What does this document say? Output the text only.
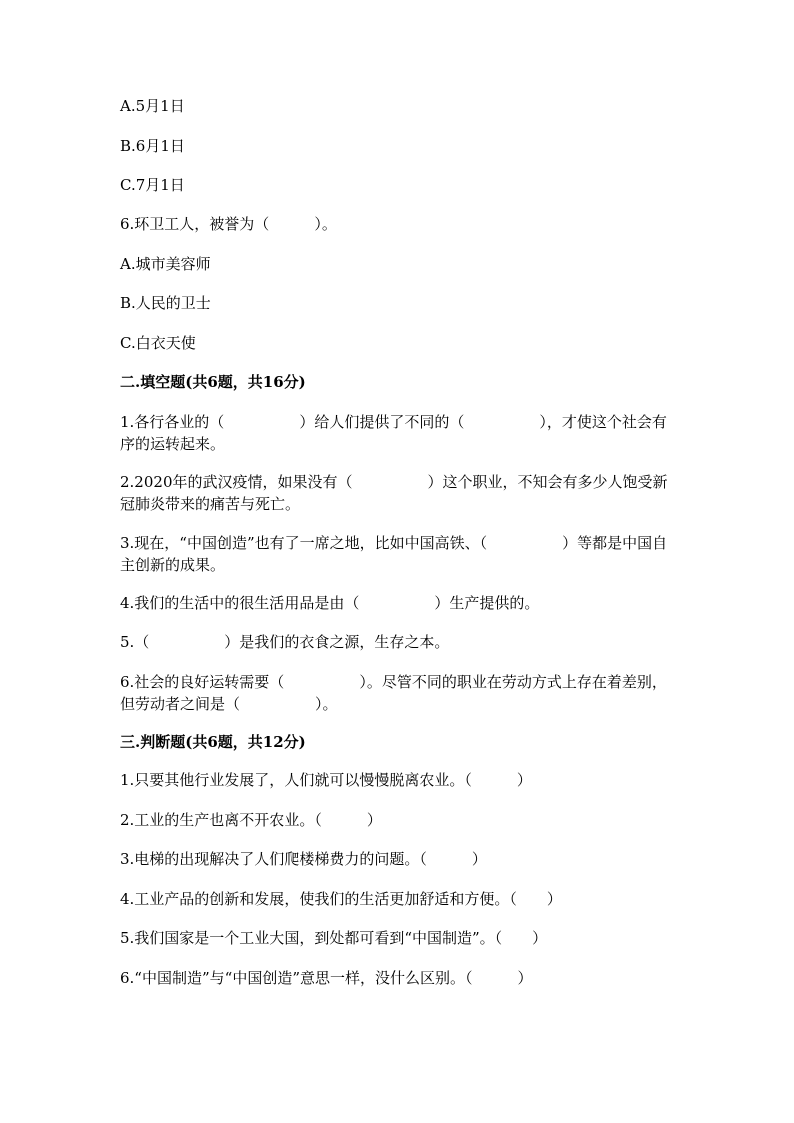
A.5月1日
B.6月1日
C.7月1日
6.环卫工人，被誉为（　　　）。
A.城市美容师
B.人民的卫士
C.白衣天使
二.填空题(共6题，共16分)
1.各行各业的（　　　　　）给人们提供了不同的（　　　　　），才使这个社会有序的运转起来。
2.2020年的武汉疫情，如果没有（　　　　　）这个职业，不知会有多少人饱受新冠肺炎带来的痛苦与死亡。
3.现在，“中国创造”也有了一席之地，比如中国高铁、（　　　　　）等都是中国自主创新的成果。
4.我们的生活中的很生活用品是由（　　　　　）生产提供的。
5.（　　　　　）是我们的衣食之源，生存之本。
6.社会的良好运转需要（　　　　　）。尽管不同的职业在劳动方式上存在着差别，但劳动者之间是（　　　　　）。
三.判断题(共6题，共12分)
1.只要其他行业发展了，人们就可以慢慢脱离农业。（　　　）
2.工业的生产也离不开农业。（　　　）
3.电梯的出现解决了人们爬楼梯费力的问题。（　　　）
4.工业产品的创新和发展，使我们的生活更加舒适和方便。（　　）
5.我们国家是一个工业大国，到处都可看到“中国制造”。（　　）
6.“中国制造”与“中国创造”意思一样，没什么区别。（　　　）
